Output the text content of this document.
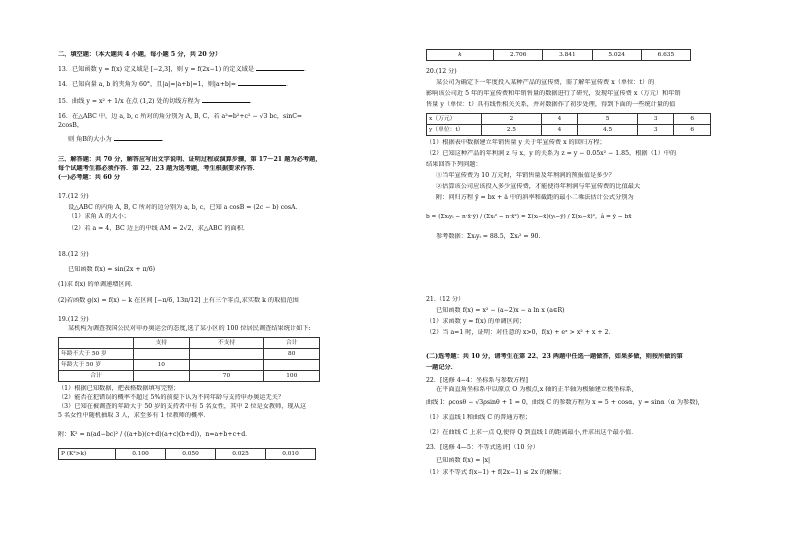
二、填空题：（本大题共 4 小题，每小题 5 分，共 20 分）
13．已知函数 y = f(x) 定义域是 [−2,3]，则 y = f(2x−1) 的定义域是	．
14．已知向量 a, b 的夹角为 60°，且|a|=|a+b|=1，则|a+b|=	．
15．曲线 y = x² + 1/x 在点 (1,2) 处的切线方程为	．
16．在△ABC 中，边 a, b, c 所对的角分别为 A, B, C，若 a²=b²+c² − √3 bc，sinC=
2cosB，
则 角B的大小为	．
三、解答题：共 70 分，解答应写出文字说明、证明过程或演算步骤，第 17～21 题为必考题，
每个试题考生都必须作答．第 22、23 题为选考题，考生根据要求作答．
(一)必考题：共 60 分
17.(12 分)
设△ABC 的内角 A, B, C 所对的边分别为 a, b, c，已知 a cosB = (2c − b) cosA．
（1）求角 A 的大小；
（2）若 a = 4，BC 边上的中线 AM = 2√2，求△ABC 的面积．
18.(12 分)
已知函数 f(x) = sin(2x + π/6)
(1)求 f(x) 的单调递增区间．
(2)若函数 g(x) = f(x) − k 在区间 [−π/6, 13π/12] 上有三个零点,求实数 k 的取值范围
19.(12 分)
某机构为调查我国公民对申办奥运会的态度,选了某小区的 100 位居民调查结果统计如下:
	支持	不支持	合计
年龄不大于 50 岁			80
年龄大于 50 岁	10		
合计		70	100
（1）根据已知数据，把表格数据填写完整；
（2）能否在犯错误的概率不超过 5%的前提下认为不同年龄与支持申办奥运无关？
（3）已知在被调查的年龄大于 50 岁的支持者中有 5 名女性，其中 2 位是女教师，现从这
5 名女性中随机抽取 3 人，求至多有 1 位教师的概率．
附：K² = n(ad−bc)² / ((a+b)(c+d)(a+c)(b+d))，n=a+b+c+d．
P (K²>k)	0.100	0.050	0.025	0.010
k	2.706	3.841	5.024	6.635
20.(12 分)
某公司为确定下一年度投入某种产品的宣传费，需了解年宣传费 x（单位：t）的
影响该公司近 5 年的年宣传费和年销售量的数据进行了研究，发现年宣传费 x（万元）和年销
售量 y（单位：t）具有线性相关关系，并对数据作了初步处理，得到下面的一些统计量的值
x（万元）	2	4	5	3	6
y（单位：t）	2.5	4	4.5	3	6
（1）根据表中数据建立年销售量 y 关于年宣传费 x 的回归方程；
（2）已知这种产品的年利润 z 与 x，y 的关系为 z = y − 0.05x² − 1.85，根据（1）中的
结果回答下列问题：
①当年宣传费为 10 万元时，年销售量及年利润的预报值是多少？
②估算该公司应该投入多少宣传费，才能使得年利润与年宣传费的比值最大
附：问归方程 ŷ = b̂x + â 中的斜率和截距的最小二乘法估计公式分别为
b̂ = (Σxᵢyᵢ − n·x̄·ȳ) / (Σxᵢ² − n·x̄²) = Σ(xᵢ−x̄)(yᵢ−ȳ) / Σ(xᵢ−x̄)²，â = ȳ − b̂x̄
参考数据：Σxᵢyᵢ = 88.5，Σxᵢ² = 90.
21.（12 分）
已知函数 f(x) = x² − (a−2)x − a ln x (a∈R)
（1）求函数 y = f(x) 的单调区间；
（2）当 a=1 时，证明：对任意的 x>0，f(x) + eˣ > x² + x + 2．
(二)选考题：共 10 分，请考生在第 22、23 两题中任选一题做答，如果多做，则按所做的第
一题记分．
22．[选修 4−4：坐标系与参数方程]
在平面直角坐标系中以原点 O 为极点,x 轴的正半轴为极轴建立极坐标系,
曲线 l：ρcosθ − √3ρsinθ + 1 = 0，曲线 C 的参数方程为 x = 5 + cosα，y = sinα（α 为参数),
（1）求直线 l 和曲线 C 的普通方程；
（2）在曲线 C 上求一点 Q,使得 Q 到直线 l 的距离最小,并求出这个最小值．
23．[选修 4—5：不等式选讲]（10 分）
已知函数 f(x) = |x|
（1）求不等式 f(x−1) + f(2x−1) ≤ 2x 的解集；
